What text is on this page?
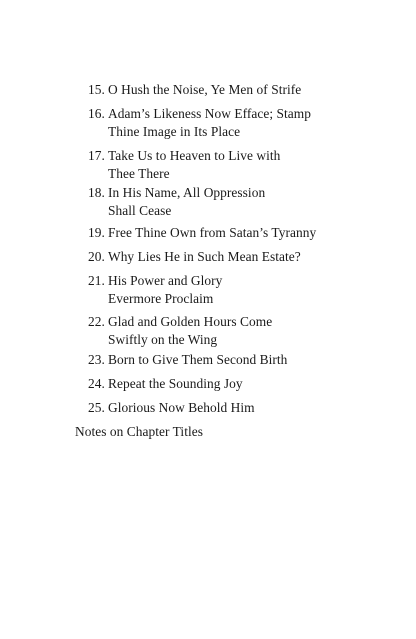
15. O Hush the Noise, Ye Men of Strife
16. Adam’s Likeness Now Efface; Stamp
Thine Image in Its Place
17. Take Us to Heaven to Live with
Thee There
18. In His Name, All Oppression
Shall Cease
19. Free Thine Own from Satan’s Tyranny
20. Why Lies He in Such Mean Estate?
21. His Power and Glory
Evermore Proclaim
22. Glad and Golden Hours Come
Swiftly on the Wing
23. Born to Give Them Second Birth
24. Repeat the Sounding Joy
25. Glorious Now Behold Him
Notes on Chapter Titles
